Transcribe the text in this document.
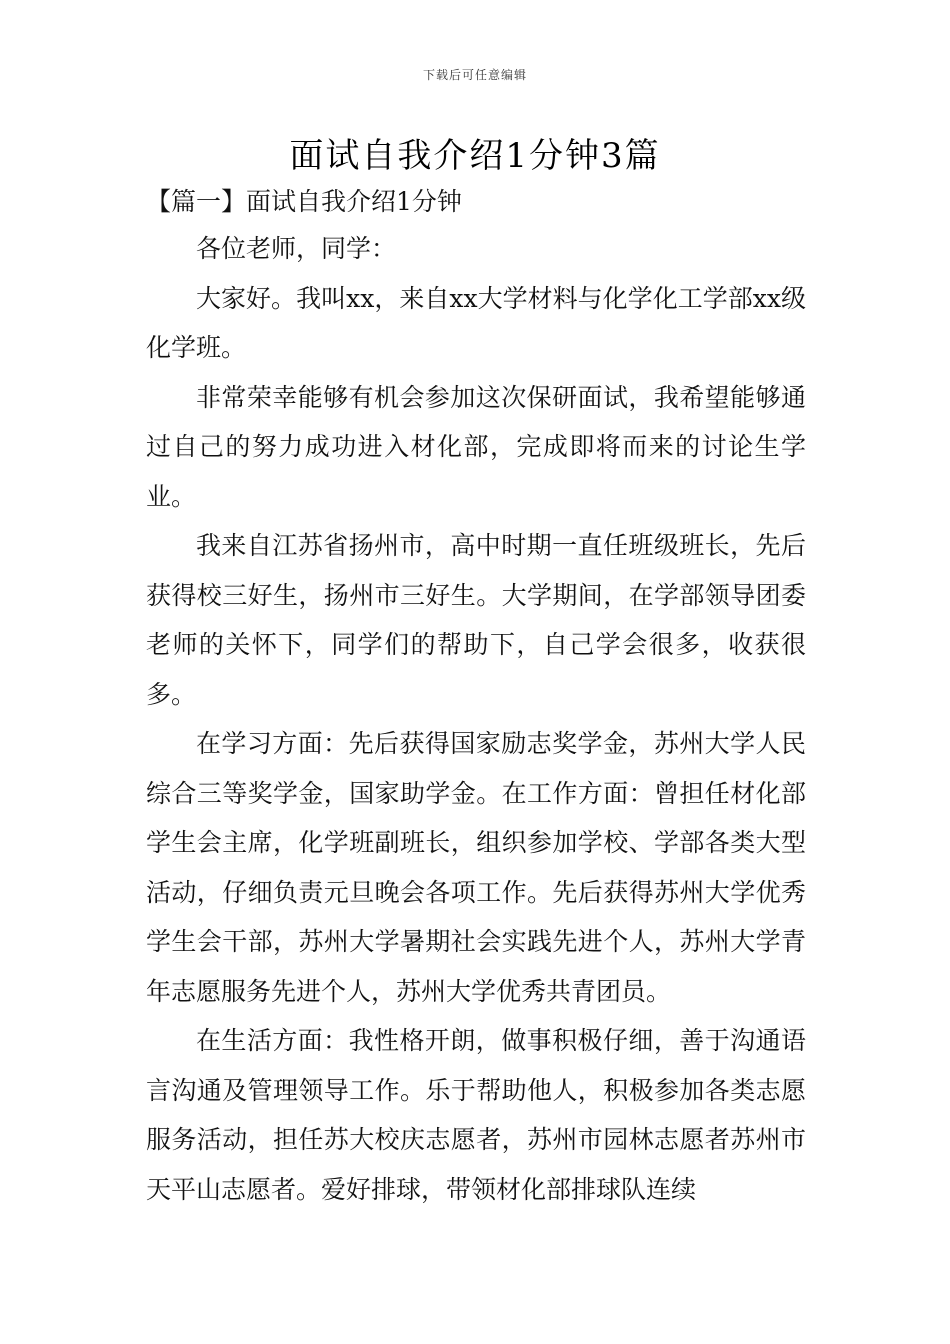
下载后可任意编辑
面试自我介绍1分钟3篇
【篇一】面试自我介绍1分钟

各位老师，同学：

大家好。我叫xx，来自xx大学材料与化学化工学部xx级化学班。

非常荣幸能够有机会参加这次保研面试，我希望能够通过自己的努力成功进入材化部，完成即将而来的讨论生学业。

我来自江苏省扬州市，高中时期一直任班级班长，先后获得校三好生，扬州市三好生。大学期间，在学部领导团委老师的关怀下，同学们的帮助下，自己学会很多，收获很多。

在学习方面：先后获得国家励志奖学金，苏州大学人民综合三等奖学金，国家助学金。在工作方面：曾担任材化部学生会主席，化学班副班长，组织参加学校、学部各类大型活动，仔细负责元旦晚会各项工作。先后获得苏州大学优秀学生会干部，苏州大学暑期社会实践先进个人，苏州大学青年志愿服务先进个人，苏州大学优秀共青团员。

在生活方面：我性格开朗，做事积极仔细，善于沟通语言沟通及管理领导工作。乐于帮助他人，积极参加各类志愿服务活动，担任苏大校庆志愿者，苏州市园林志愿者苏州市天平山志愿者。爱好排球，带领材化部排球队连续
